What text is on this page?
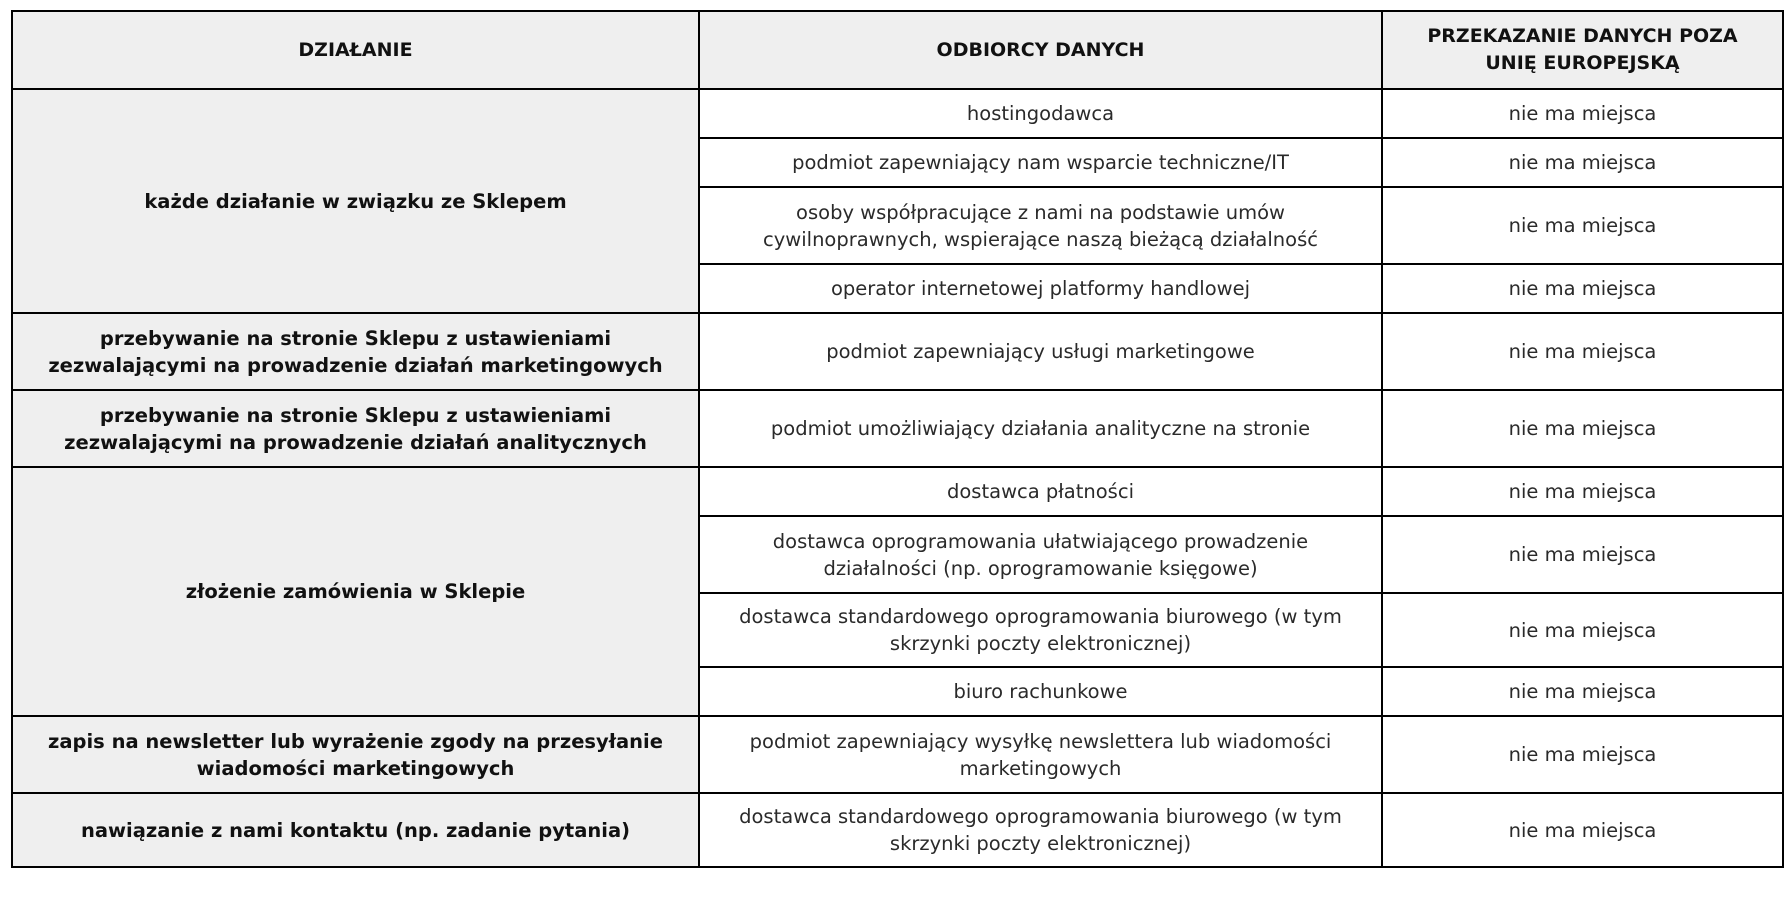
DZIAŁANIE	ODBIORCY DANYCH	PRZEKAZANIE DANYCH POZA UNIĘ EUROPEJSKĄ
każde działanie w związku ze Sklepem	hostingodawca	nie ma miejsca
	podmiot zapewniający nam wsparcie techniczne/IT	nie ma miejsca
	osoby współpracujące z nami na podstawie umów cywilnoprawnych, wspierające naszą bieżącą działalność	nie ma miejsca
	operator internetowej platformy handlowej	nie ma miejsca
przebywanie na stronie Sklepu z ustawieniami zezwalającymi na prowadzenie działań marketingowych	podmiot zapewniający usługi marketingowe	nie ma miejsca
przebywanie na stronie Sklepu z ustawieniami zezwalającymi na prowadzenie działań analitycznych	podmiot umożliwiający działania analityczne na stronie	nie ma miejsca
złożenie zamówienia w Sklepie	dostawca płatności	nie ma miejsca
	dostawca oprogramowania ułatwiającego prowadzenie działalności (np. oprogramowanie księgowe)	nie ma miejsca
	dostawca standardowego oprogramowania biurowego (w tym skrzynki poczty elektronicznej)	nie ma miejsca
	biuro rachunkowe	nie ma miejsca
zapis na newsletter lub wyrażenie zgody na przesyłanie wiadomości marketingowych	podmiot zapewniający wysyłkę newslettera lub wiadomości marketingowych	nie ma miejsca
nawiązanie z nami kontaktu (np. zadanie pytania)	dostawca standardowego oprogramowania biurowego (w tym skrzynki poczty elektronicznej)	nie ma miejsca
